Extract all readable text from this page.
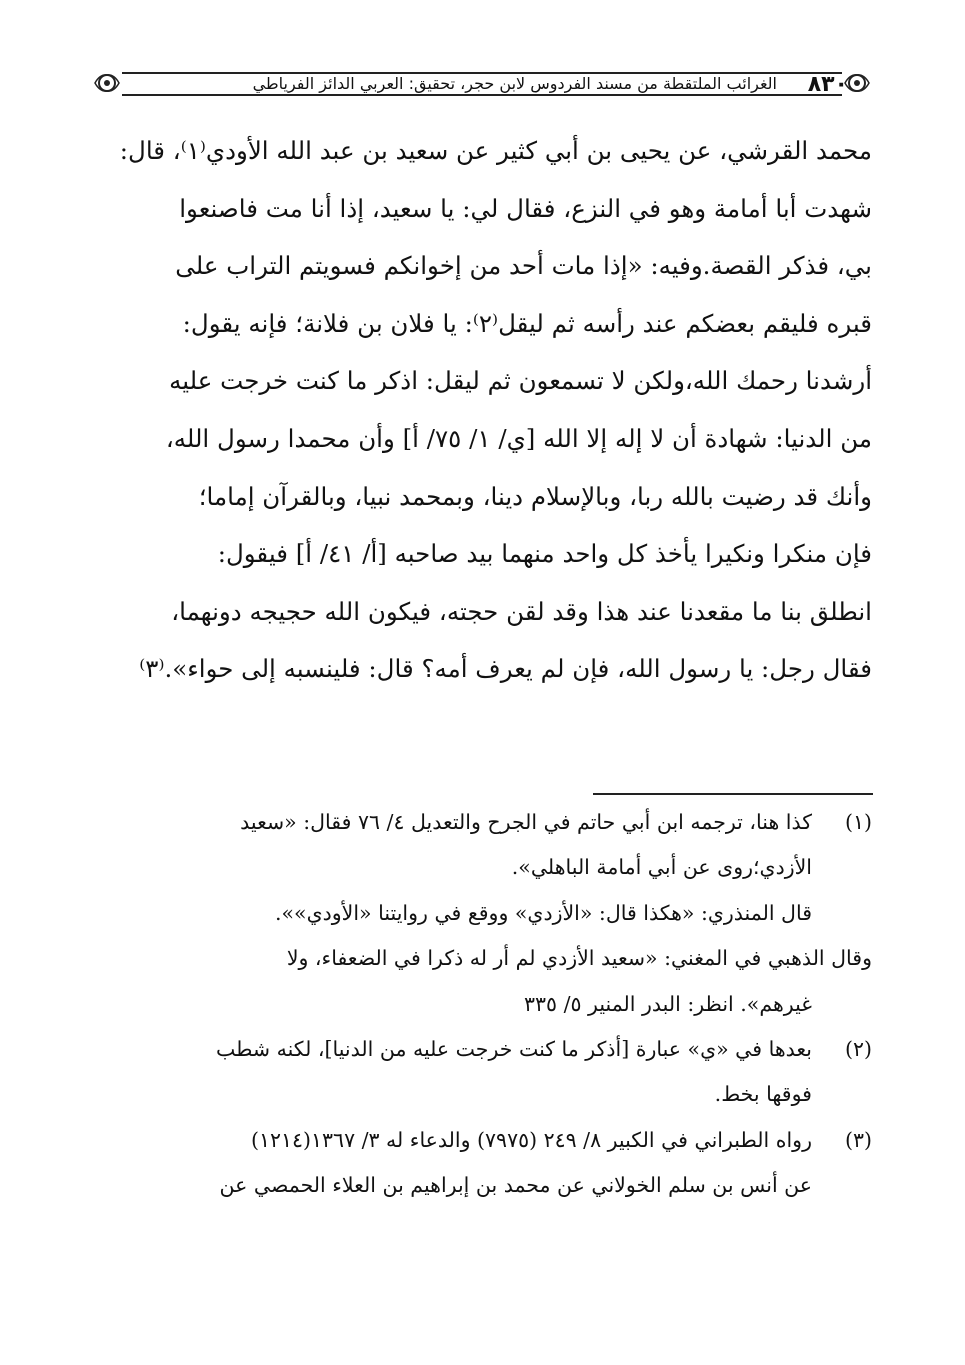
٨٣٠
الغرائب الملتقطة من مسند الفردوس لابن حجر، تحقيق: العربي الدائز الفرياطي

محمد القرشي، عن يحيى بن أبي كثير عن سعيد بن عبد الله الأودي⁽١⁾، قال:

شهدت أبا أمامة وهو في النزع، فقال لي: يا سعيد، إذا أنا مت فاصنعوا

بي، فذكر القصة.وفيه: «إذا مات أحد من إخوانكم فسويتم التراب على

قبره فليقم بعضكم عند رأسه ثم ليقل⁽٢⁾: يا فلان بن فلانة؛ فإنه يقول:

أرشدنا رحمك الله،ولكن لا تسمعون ثم ليقل: اذكر ما كنت خرجت عليه

من الدنيا: شهادة أن لا إله إلا الله [ي/ ١/ ٧٥/ أ] وأن محمدا رسول الله،

وأنك قد رضيت بالله ربا، وبالإسلام دينا، وبمحمد نبيا، وبالقرآن إماما؛

فإن منكرا ونكيرا يأخذ كل واحد منهما بيد صاحبه [أ/ ٤١/ أ] فيقول:

انطلق بنا ما مقعدنا عند هذا وقد لقن حجته، فيكون الله حجيجه دونهما،

فقال رجل: يا رسول الله، فإن لم يعرف أمه؟ قال: فلينسبه إلى حواء».⁽٣⁾

(١)
كذا هنا، ترجمه ابن أبي حاتم في الجرح والتعديل ٤/ ٧٦ فقال: «سعيد
الأزدي؛روى عن أبي أمامة الباهلي».
قال المنذري: «هكذا قال: «الأزدي» ووقع في روايتنا «الأودي»».
وقال الذهبي في المغني: «سعيد الأزدي لم أر له ذكرا في الضعفاء، ولا
غيرهم». انظر: البدر المنير ٥/ ٣٣٥
(٢)
بعدها في «ي» عبارة [أذكر ما كنت خرجت عليه من الدنيا]، لكنه شطب
فوقها بخط.
(٣)
رواه الطبراني في الكبير ٨/ ٢٤٩ (٧٩٧٥) والدعاء له ٣/ ١٣٦٧(١٢١٤)
عن أنس بن سلم الخولاني عن محمد بن إبراهيم بن العلاء الحمصي عن
